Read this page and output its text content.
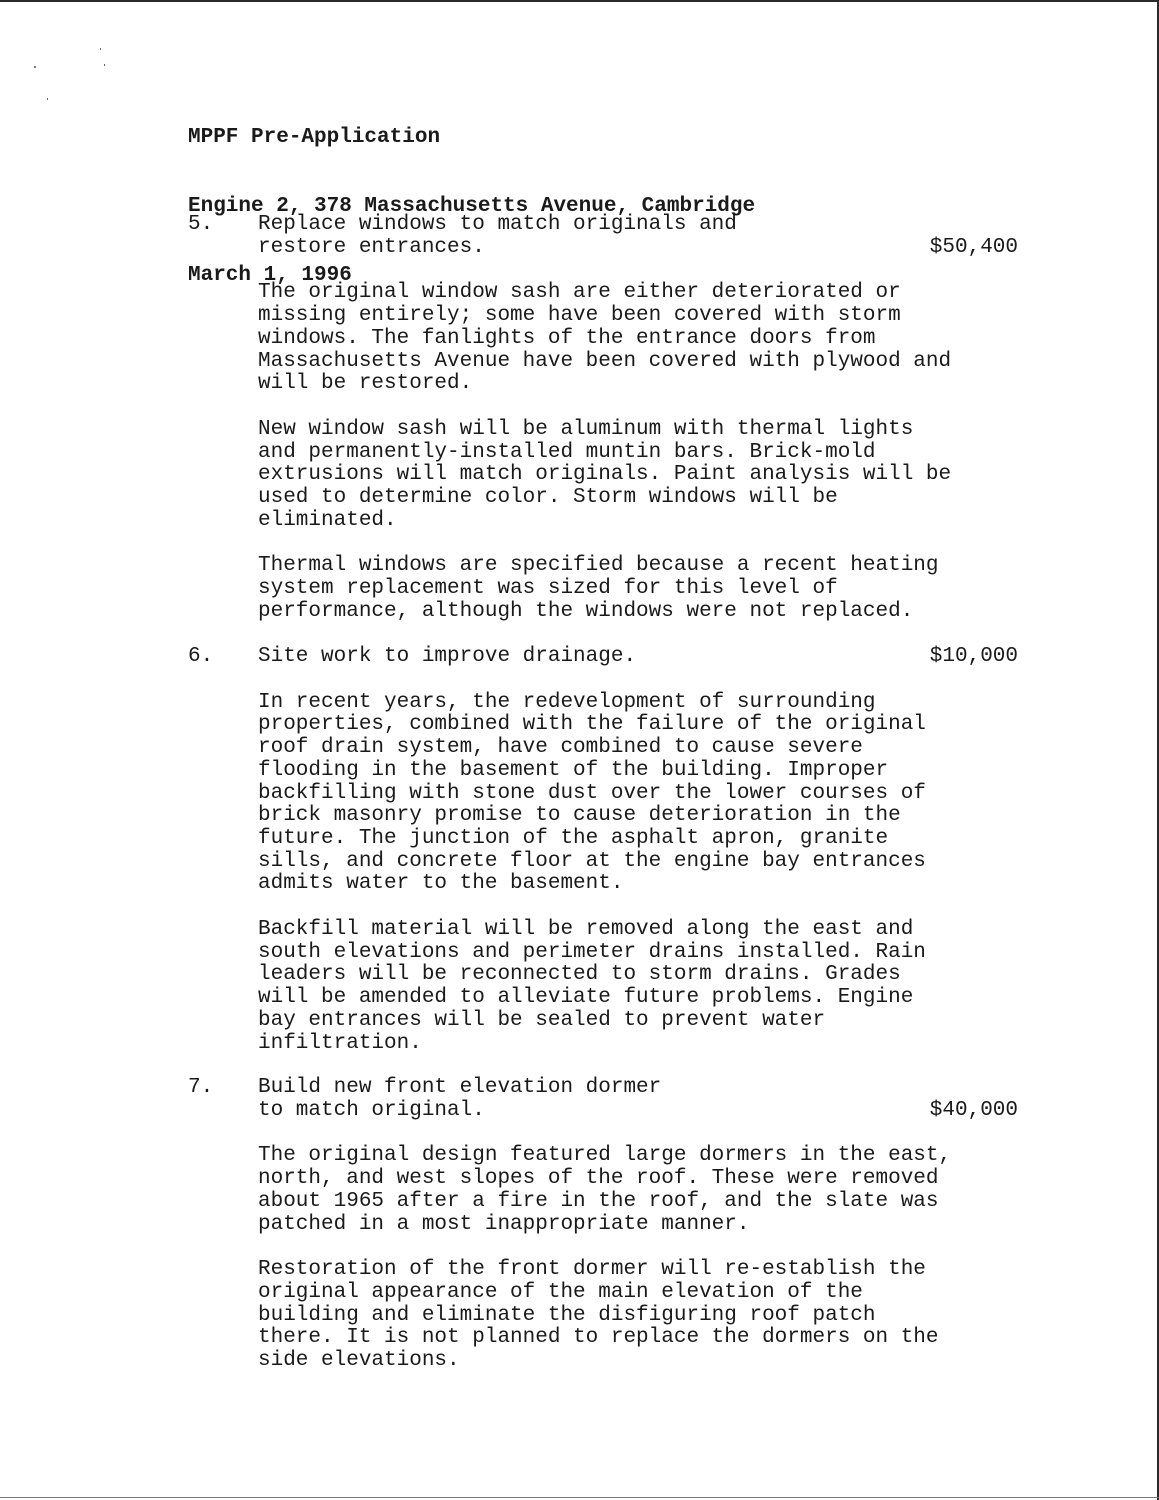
MPPF Pre-Application

Engine 2, 378 Massachusetts Avenue, Cambridge

March 1, 1996

5.	Replace windows to match originals and
restore entrances.	$50,400
The original window sash are either deteriorated or
missing entirely; some have been covered with storm
windows. The fanlights of the entrance doors from
Massachusetts Avenue have been covered with plywood and
will be restored.
New window sash will be aluminum with thermal lights
and permanently-installed muntin bars. Brick-mold
extrusions will match originals. Paint analysis will be
used to determine color. Storm windows will be
eliminated.
Thermal windows are specified because a recent heating
system replacement was sized for this level of
performance, although the windows were not replaced.
6.	Site work to improve drainage.	$10,000
In recent years, the redevelopment of surrounding
properties, combined with the failure of the original
roof drain system, have combined to cause severe
flooding in the basement of the building. Improper
backfilling with stone dust over the lower courses of
brick masonry promise to cause deterioration in the
future. The junction of the asphalt apron, granite
sills, and concrete floor at the engine bay entrances
admits water to the basement.
Backfill material will be removed along the east and
south elevations and perimeter drains installed. Rain
leaders will be reconnected to storm drains. Grades
will be amended to alleviate future problems. Engine
bay entrances will be sealed to prevent water
infiltration.
7.	Build new front elevation dormer
to match original.	$40,000
The original design featured large dormers in the east,
north, and west slopes of the roof. These were removed
about 1965 after a fire in the roof, and the slate was
patched in a most inappropriate manner.
Restoration of the front dormer will re-establish the
original appearance of the main elevation of the
building and eliminate the disfiguring roof patch
there. It is not planned to replace the dormers on the
side elevations.
